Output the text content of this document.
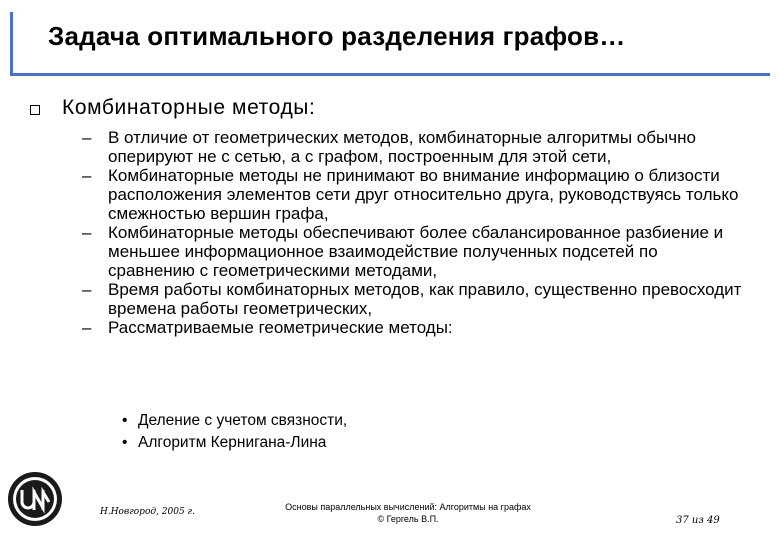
Задача оптимального разделения графов…
Комбинаторные методы:
– В отличие от геометрических методов, комбинаторные алгоритмы обычно оперируют не с сетью, а с графом, построенным для этой сети,
– Комбинаторные методы не принимают во внимание информацию о близости расположения элементов сети друг относительно друга, руководствуясь только смежностью вершин графа,
– Комбинаторные методы обеспечивают более сбалансированное разбиение и меньшее информационное взаимодействие полученных подсетей по сравнению с геометрическими методами,
– Время работы комбинаторных методов, как правило, существенно превосходит времена работы геометрических,
– Рассматриваемые геометрические методы:
• Деление с учетом связности,
• Алгоритм Кернигана-Лина
Н.Новгород, 2005 г.	Основы параллельных вычислений: Алгоритмы на графах
© Гергель В.П.	37 из 49
